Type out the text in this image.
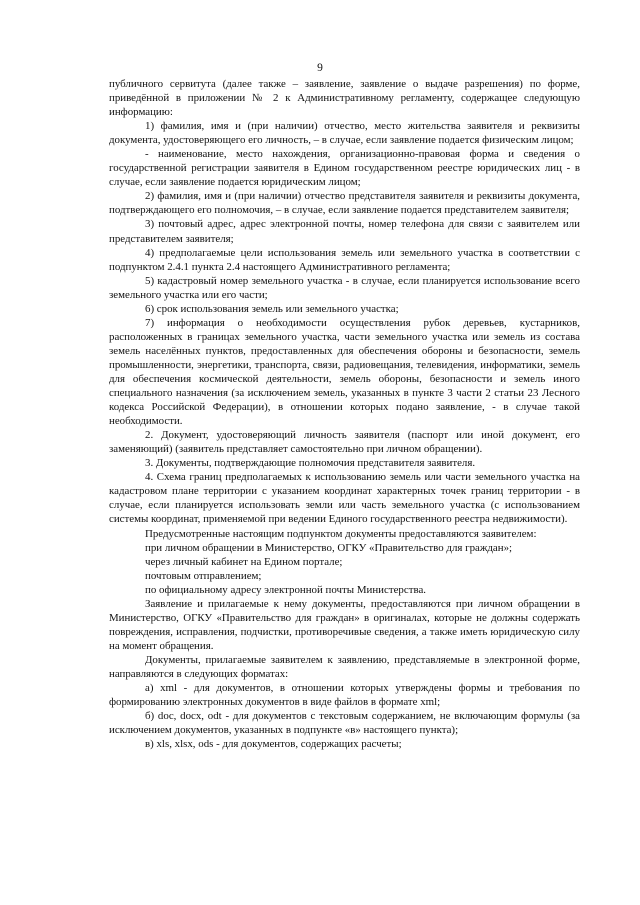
9

публичного сервитута (далее также – заявление, заявление о выдаче разрешения) по форме, приведённой в приложении № 2 к Административному регламенту, содержащее следующую информацию:

1) фамилия, имя и (при наличии) отчество, место жительства заявителя и реквизиты документа, удостоверяющего его личность, – в случае, если заявление подается физическим лицом;

- наименование, место нахождения, организационно-правовая форма и сведения о государственной регистрации заявителя в Едином государственном реестре юридических лиц - в случае, если заявление подается юридическим лицом;

2) фамилия, имя и (при наличии) отчество представителя заявителя и реквизиты документа, подтверждающего его полномочия, – в случае, если заявление подается представителем заявителя;

3) почтовый адрес, адрес электронной почты, номер телефона для связи с заявителем или представителем заявителя;

4) предполагаемые цели использования земель или земельного участка в соответствии с подпунктом 2.4.1 пункта 2.4 настоящего Административного регламента;

5) кадастровый номер земельного участка - в случае, если планируется использование всего земельного участка или его части;

6) срок использования земель или земельного участка;

7) информация о необходимости осуществления рубок деревьев, кустарников, расположенных в границах земельного участка, части земельного участка или земель из состава земель населённых пунктов, предоставленных для обеспечения обороны и безопасности, земель промышленности, энергетики, транспорта, связи, радиовещания, телевидения, информатики, земель для обеспечения космической деятельности, земель обороны, безопасности и земель иного специального назначения (за исключением земель, указанных в пункте 3 части 2 статьи 23 Лесного кодекса Российской Федерации), в отношении которых подано заявление, - в случае такой необходимости.

2. Документ, удостоверяющий личность заявителя (паспорт или иной документ, его заменяющий) (заявитель представляет самостоятельно при личном обращении).

3. Документы, подтверждающие полномочия представителя заявителя.

4. Схема границ предполагаемых к использованию земель или части земельного участка на кадастровом плане территории с указанием координат характерных точек границ территории - в случае, если планируется использовать земли или часть земельного участка (с использованием системы координат, применяемой при ведении Единого государственного реестра недвижимости).

Предусмотренные настоящим подпунктом документы предоставляются заявителем:

при личном обращении в Министерство, ОГКУ «Правительство для граждан»;

через личный кабинет на Едином портале;

почтовым отправлением;

по официальному адресу электронной почты Министерства.

Заявление и прилагаемые к нему документы, предоставляются при личном обращении в Министерство, ОГКУ «Правительство для граждан» в оригиналах, которые не должны содержать повреждения, исправления, подчистки, противоречивые сведения, а также иметь юридическую силу на момент обращения.

Документы, прилагаемые заявителем к заявлению, представляемые в электронной форме, направляются в следующих форматах:

а) xml - для документов, в отношении которых утверждены формы и требования по формированию электронных документов в виде файлов в формате xml;

б) doc, docx, odt - для документов с текстовым содержанием, не включающим формулы (за исключением документов, указанных в подпункте «в» настоящего пункта);

в) xls, xlsx, ods - для документов, содержащих расчеты;
